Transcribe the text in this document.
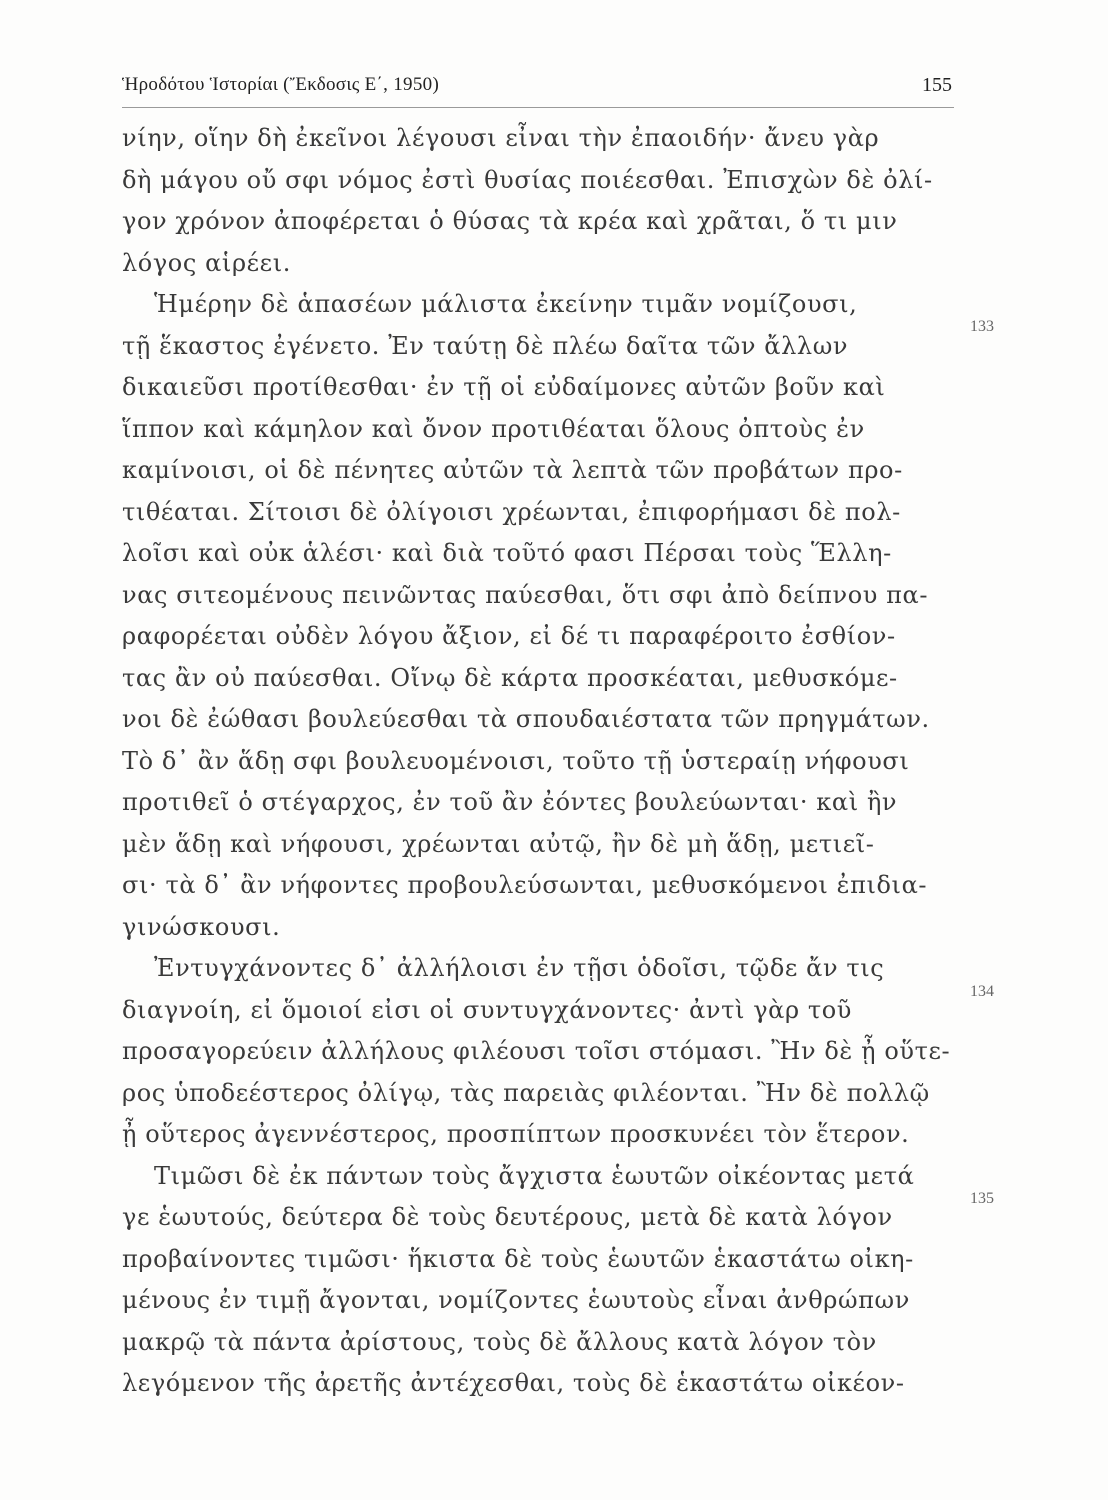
Ἡροδότου Ἱστορίαι (Ἔκδοσις Ε΄, 1950)	155
νίην, οἵην δὴ ἐκεῖνοι λέγουσι εἶναι τὴν ἐπαοιδήν· ἄνευ γὰρ
δὴ μάγου οὔ σφι νόμος ἐστὶ θυσίας ποιέεσθαι. Ἐπισχὼν δὲ ὀλί-
γον χρόνον ἀποφέρεται ὁ θύσας τὰ κρέα καὶ χρᾶται, ὅ τι μιν
λόγος αἱρέει.
Ἡμέρην δὲ ἁπασέων μάλιστα ἐκείνην τιμᾶν νομίζουσι,
τῇ ἕκαστος ἐγένετο. Ἐν ταύτῃ δὲ πλέω δαῖτα τῶν ἄλλων
δικαιεῦσι προτίθεσθαι· ἐν τῇ οἱ εὐδαίμονες αὐτῶν βοῦν καὶ
ἵππον καὶ κάμηλον καὶ ὄνον προτιθέαται ὅλους ὀπτοὺς ἐν
καμίνοισι, οἱ δὲ πένητες αὐτῶν τὰ λεπτὰ τῶν προβάτων προ-
τιθέαται. Σίτοισι δὲ ὀλίγοισι χρέωνται, ἐπιφορήμασι δὲ πολ-
λοῖσι καὶ οὐκ ἁλέσι· καὶ διὰ τοῦτό φασι Πέρσαι τοὺς Ἕλλη-
νας σιτεομένους πεινῶντας παύεσθαι, ὅτι σφι ἀπὸ δείπνου πα-
ραφορέεται οὐδὲν λόγου ἄξιον, εἰ δέ τι παραφέροιτο ἐσθίον-
τας ἂν οὐ παύεσθαι. Οἴνῳ δὲ κάρτα προσκέαται, μεθυσκόμε-
νοι δὲ ἐώθασι βουλεύεσθαι τὰ σπουδαιέστατα τῶν πρηγμάτων.
Τὸ δ᾽ ἂν ἅδῃ σφι βουλευομένοισι, τοῦτο τῇ ὑστεραίῃ νήφουσι
προτιθεῖ ὁ στέγαρχος, ἐν τοῦ ἂν ἐόντες βουλεύωνται· καὶ ἢν
μὲν ἅδῃ καὶ νήφουσι, χρέωνται αὐτῷ, ἢν δὲ μὴ ἅδῃ, μετιεῖ-
σι· τὰ δ᾽ ἂν νήφοντες προβουλεύσωνται, μεθυσκόμενοι ἐπιδια-
γινώσκουσι.
Ἐντυγχάνοντες δ᾽ ἀλλήλοισι ἐν τῇσι ὁδοῖσι, τῷδε ἄν τις
διαγνοίη, εἰ ὅμοιοί εἰσι οἱ συντυγχάνοντες· ἀντὶ γὰρ τοῦ
προσαγορεύειν ἀλλήλους φιλέουσι τοῖσι στόμασι. Ἢν δὲ ᾖ οὕτε-
ρος ὑποδεέστερος ὀλίγῳ, τὰς παρειὰς φιλέονται. Ἢν δὲ πολλῷ
ᾖ οὕτερος ἀγεννέστερος, προσπίπτων προσκυνέει τὸν ἕτερον.
Τιμῶσι δὲ ἐκ πάντων τοὺς ἄγχιστα ἑωυτῶν οἰκέοντας μετά
γε ἑωυτούς, δεύτερα δὲ τοὺς δευτέρους, μετὰ δὲ κατὰ λόγον
προβαίνοντες τιμῶσι· ἥκιστα δὲ τοὺς ἑωυτῶν ἑκαστάτω οἰκη-
μένους ἐν τιμῇ ἄγονται, νομίζοντες ἑωυτοὺς εἶναι ἀνθρώπων
μακρῷ τὰ πάντα ἀρίστους, τοὺς δὲ ἄλλους κατὰ λόγον τὸν
λεγόμενον τῆς ἀρετῆς ἀντέχεσθαι, τοὺς δὲ ἑκαστάτω οἰκέον-
133
134
135
